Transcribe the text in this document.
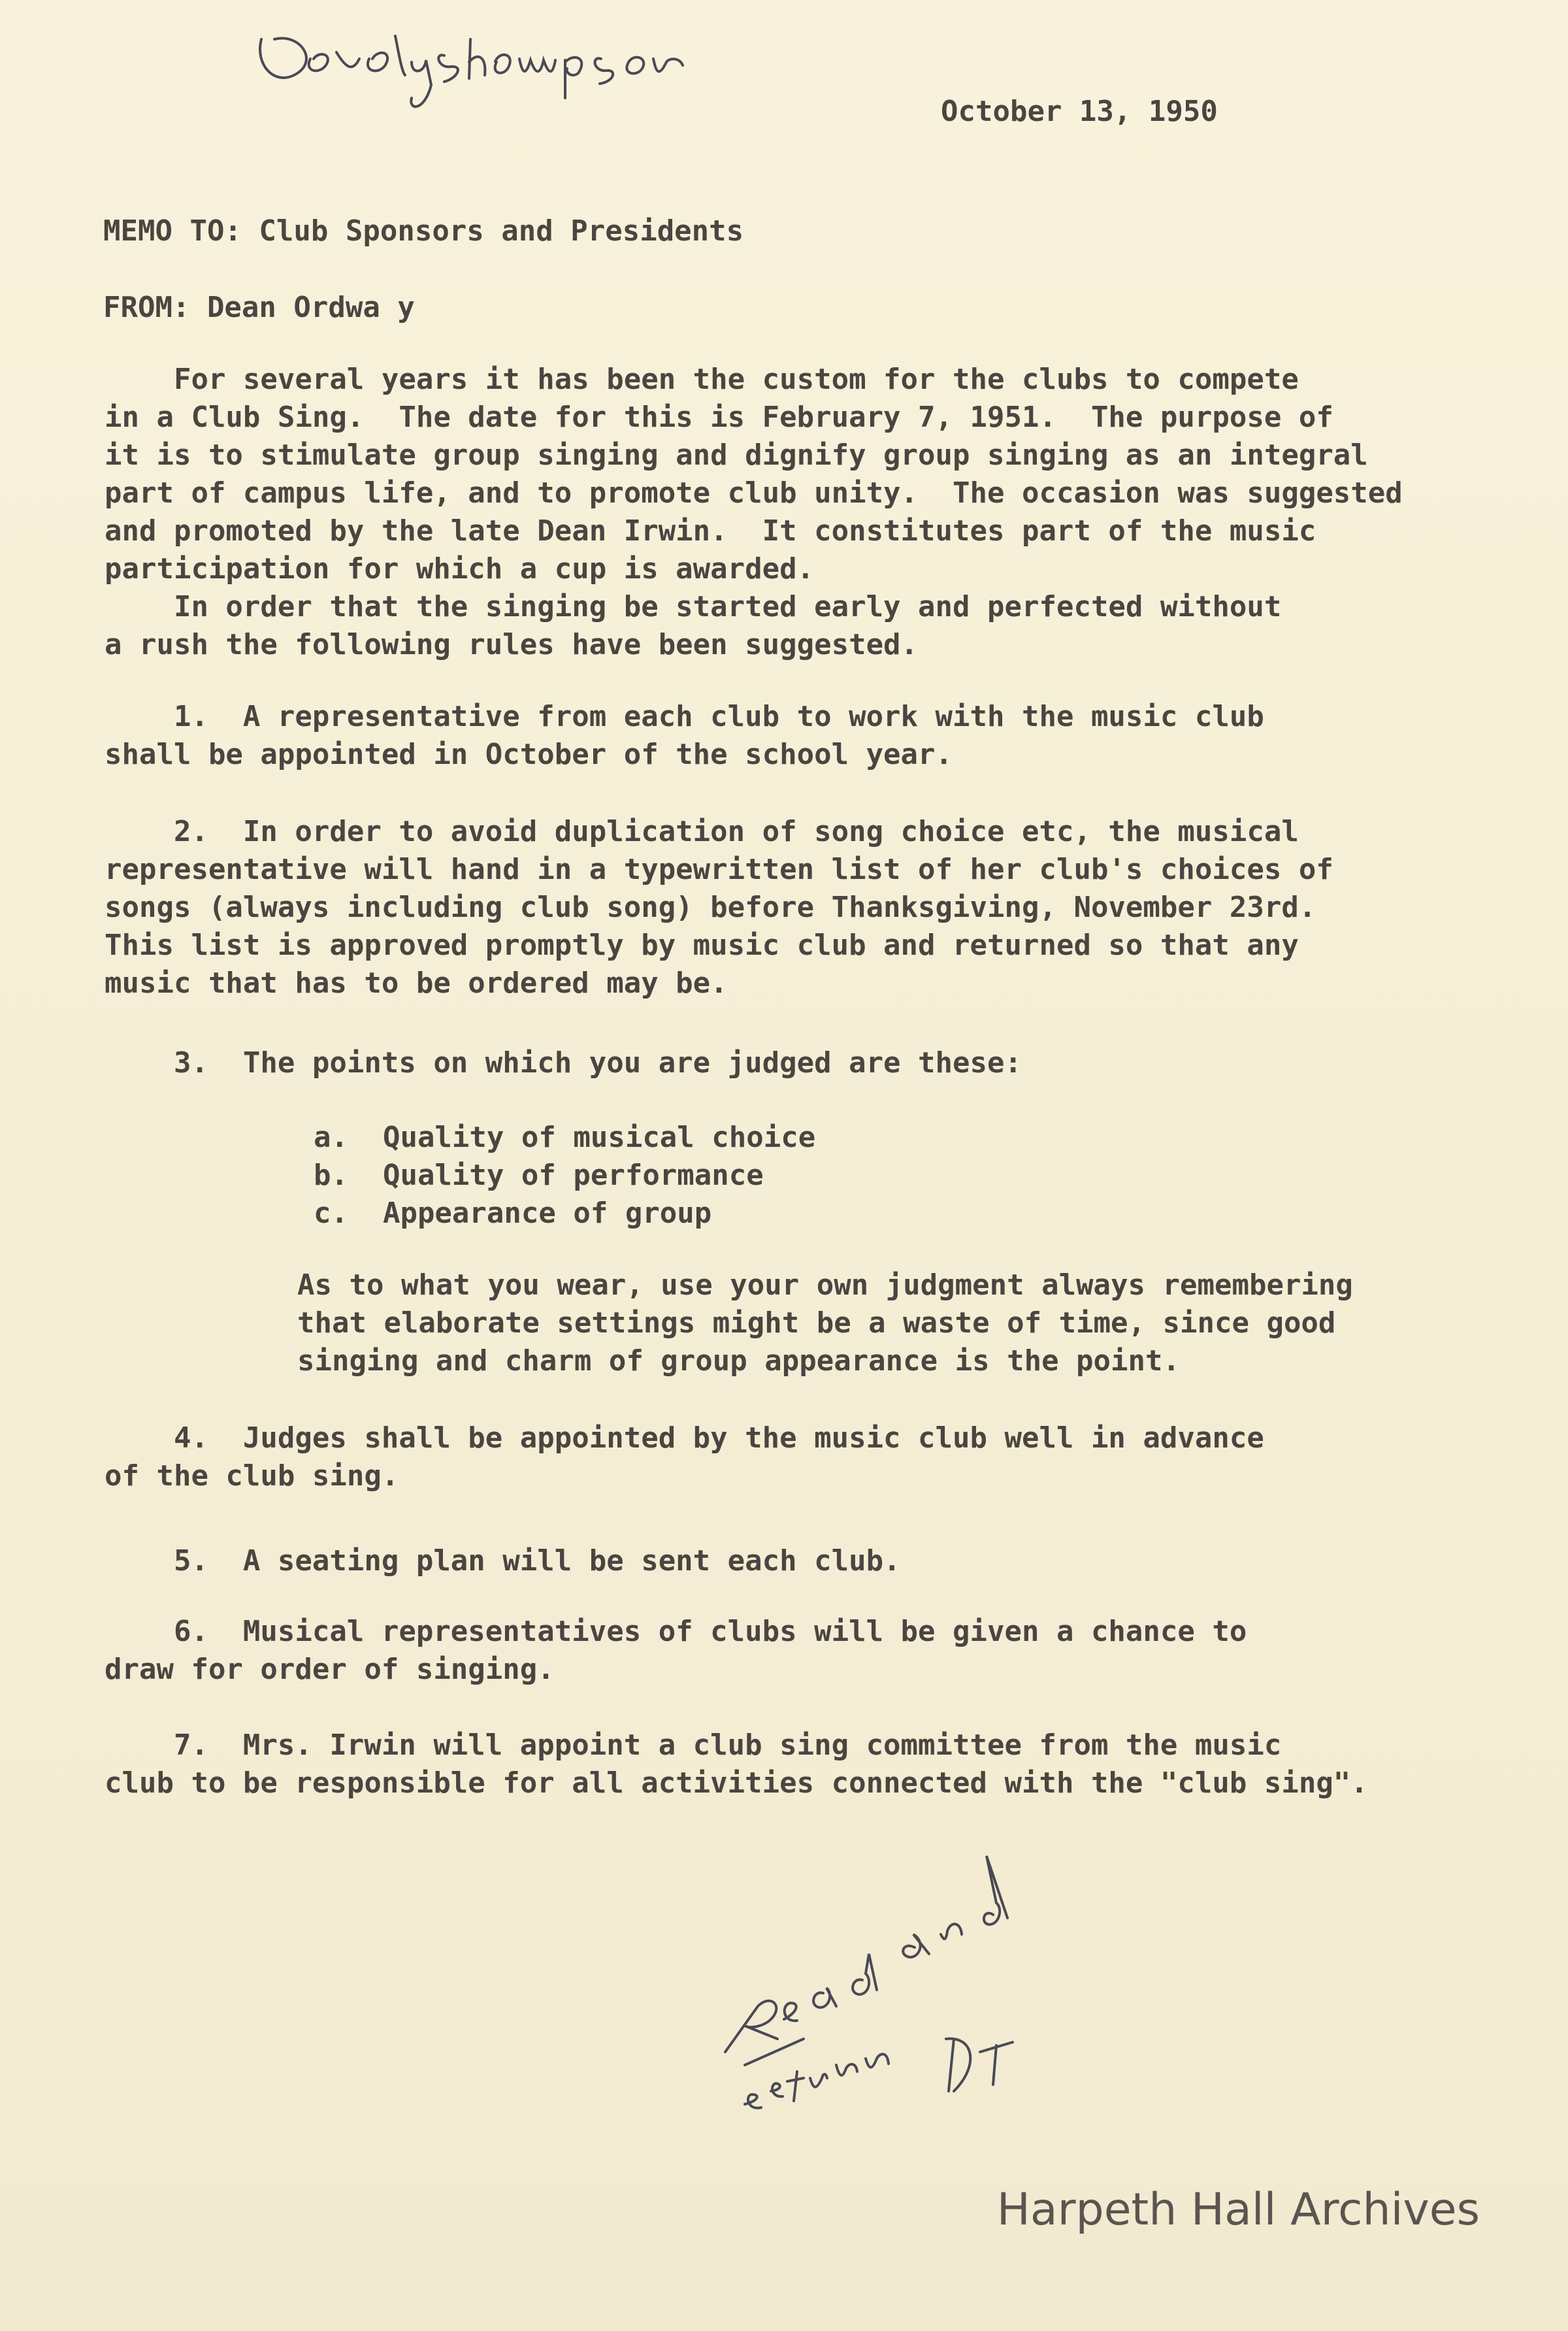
October 13, 1950
MEMO TO: Club Sponsors and Presidents
FROM: Dean Ordwa y
For several years it has been the custom for the clubs to compete
in a Club Sing.  The date for this is February 7, 1951.  The purpose of
it is to stimulate group singing and dignify group singing as an integral
part of campus life, and to promote club unity.  The occasion was suggested
and promoted by the late Dean Irwin.  It constitutes part of the music
participation for which a cup is awarded.
In order that the singing be started early and perfected without
a rush the following rules have been suggested.
1.  A representative from each club to work with the music club
shall be appointed in October of the school year.
2.  In order to avoid duplication of song choice etc, the musical
representative will hand in a typewritten list of her club's choices of
songs (always including club song) before Thanksgiving, November 23rd.
This list is approved promptly by music club and returned so that any
music that has to be ordered may be.
3.  The points on which you are judged are these:
a.  Quality of musical choice
b.  Quality of performance
c.  Appearance of group
As to what you wear, use your own judgment always remembering
that elaborate settings might be a waste of time, since good
singing and charm of group appearance is the point.
4.  Judges shall be appointed by the music club well in advance
of the club sing.
5.  A seating plan will be sent each club.
6.  Musical representatives of clubs will be given a chance to
draw for order of singing.
7.  Mrs. Irwin will appoint a club sing committee from the music
club to be responsible for all activities connected with the "club sing".
Harpeth Hall Archives
